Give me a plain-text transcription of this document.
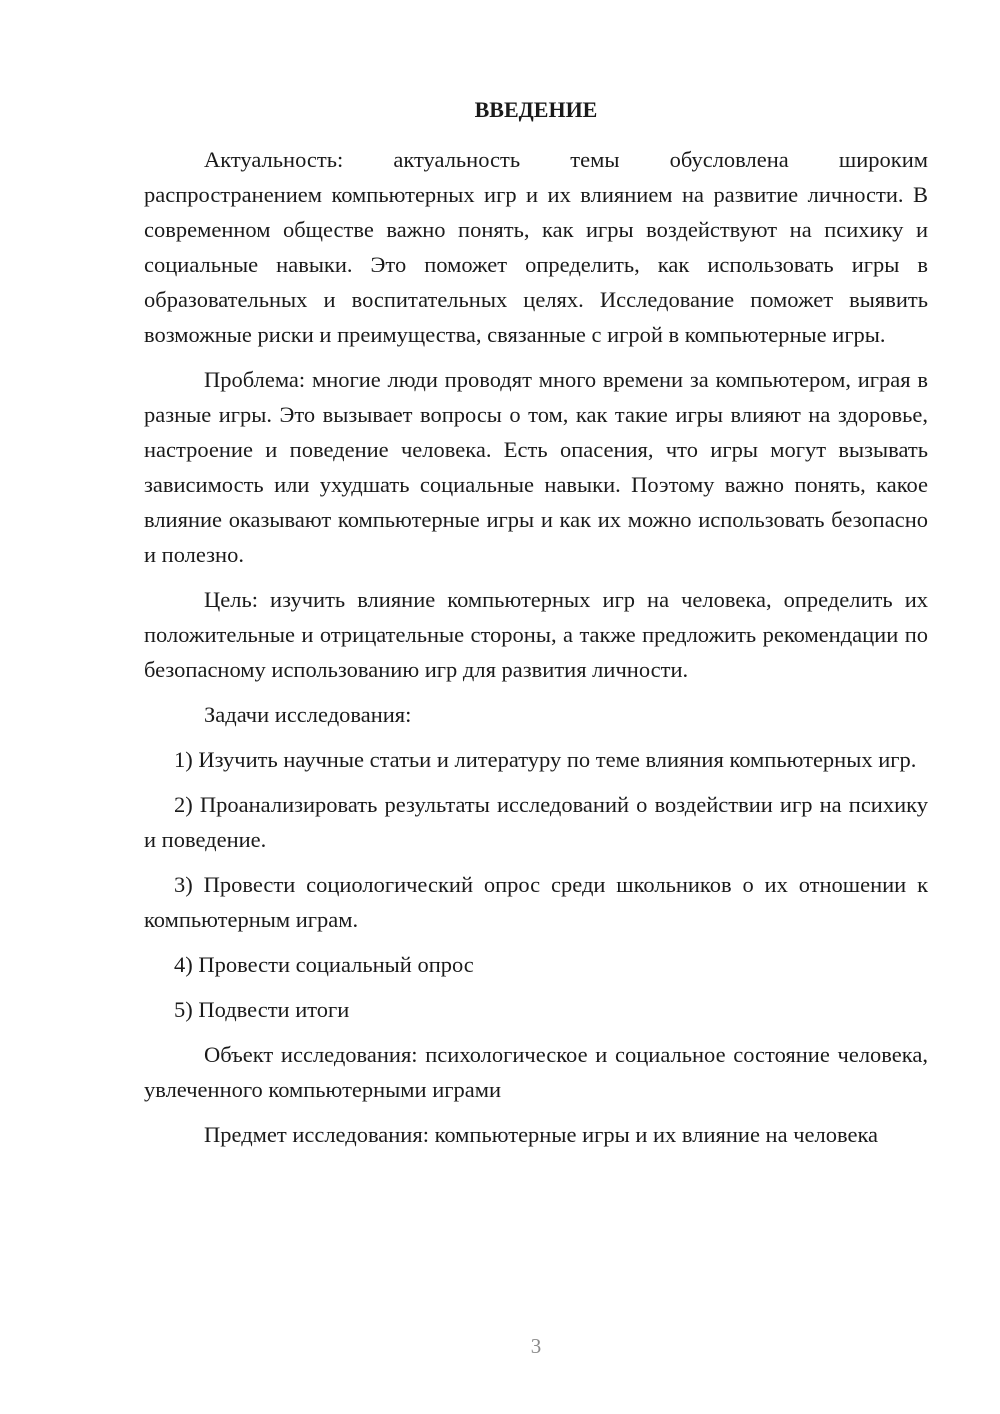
ВВЕДЕНИЕ

Актуальность: актуальность темы обусловлена широким распространением компьютерных игр и их влиянием на развитие личности. В современном обществе важно понять, как игры воздействуют на психику и социальные навыки. Это поможет определить, как использовать игры в образовательных и воспитательных целях. Исследование поможет выявить возможные риски и преимущества, связанные с игрой в компьютерные игры.

Проблема: многие люди проводят много времени за компьютером, играя в разные игры. Это вызывает вопросы о том, как такие игры влияют на здоровье, настроение и поведение человека. Есть опасения, что игры могут вызывать зависимость или ухудшать социальные навыки. Поэтому важно понять, какое влияние оказывают компьютерные игры и как их можно использовать безопасно и полезно.

Цель: изучить влияние компьютерных игр на человека, определить их положительные и отрицательные стороны, а также предложить рекомендации по безопасному использованию игр для развития личности.

Задачи исследования:

1) Изучить научные статьи и литературу по теме влияния компьютерных игр.

2) Проанализировать результаты исследований о воздействии игр на психику и поведение.

3) Провести социологический опрос среди школьников о их отношении к компьютерным играм.

4) Провести социальный опрос

5) Подвести итоги

Объект исследования: психологическое и социальное состояние человека, увлеченного компьютерными играми

Предмет исследования: компьютерные игры и их влияние на человека

3
